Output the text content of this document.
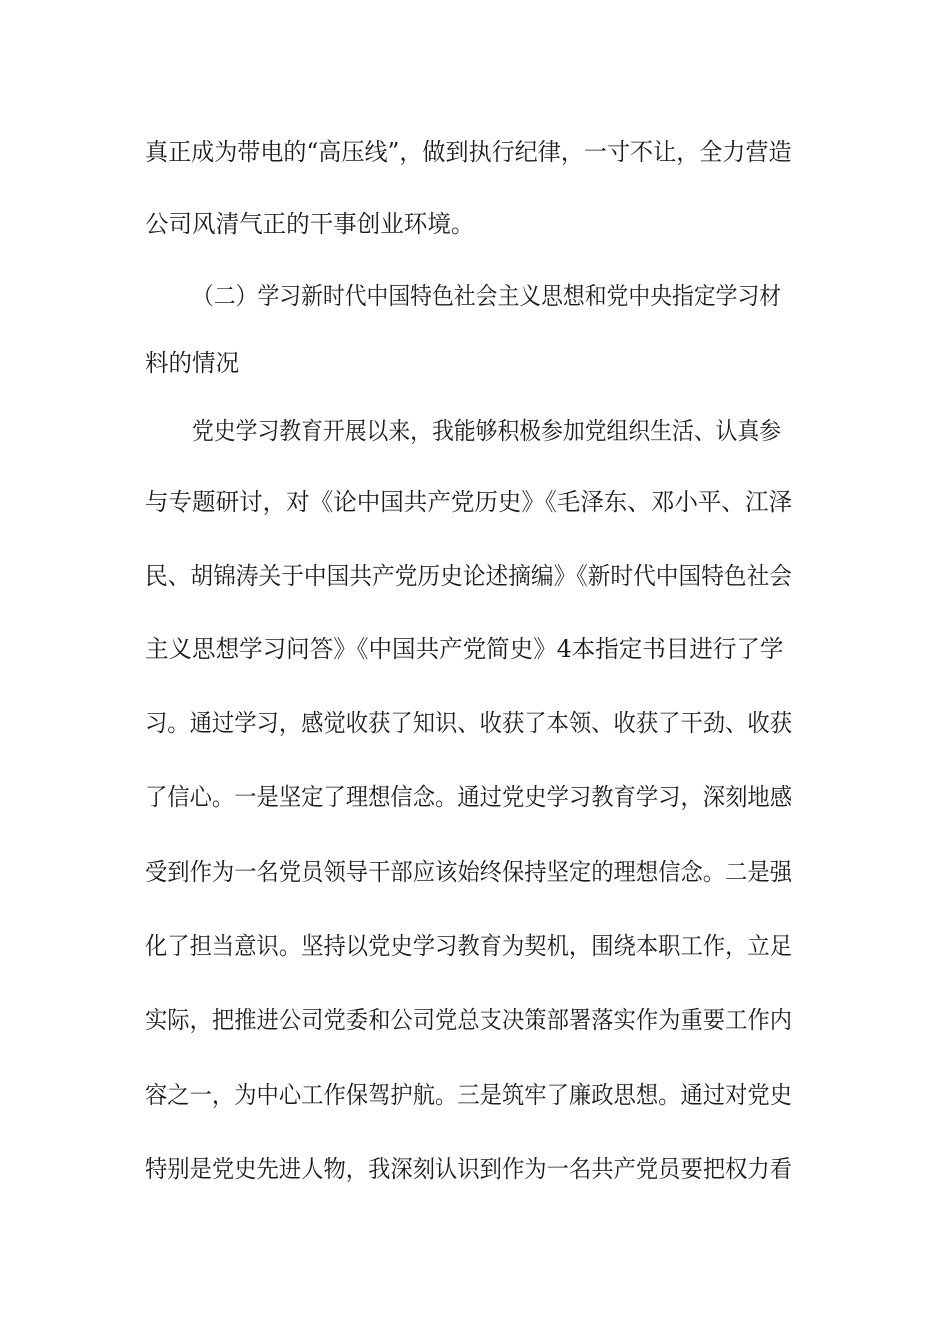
真正成为带电的“高压线”，做到执行纪律，一寸不让，全力营造
公司风清气正的干事创业环境。
（二）学习新时代中国特色社会主义思想和党中央指定学习材
料的情况
党史学习教育开展以来，我能够积极参加党组织生活、认真参
与专题研讨，对《论中国共产党历史》《毛泽东、邓小平、江泽
民、胡锦涛关于中国共产党历史论述摘编》《新时代中国特色社会
主义思想学习问答》《中国共产党简史》4本指定书目进行了学
习。通过学习，感觉收获了知识、收获了本领、收获了干劲、收获
了信心。一是坚定了理想信念。通过党史学习教育学习，深刻地感
受到作为一名党员领导干部应该始终保持坚定的理想信念。二是强
化了担当意识。坚持以党史学习教育为契机，围绕本职工作，立足
实际，把推进公司党委和公司党总支决策部署落实作为重要工作内
容之一，为中心工作保驾护航。三是筑牢了廉政思想。通过对党史
特别是党史先进人物，我深刻认识到作为一名共产党员要把权力看
